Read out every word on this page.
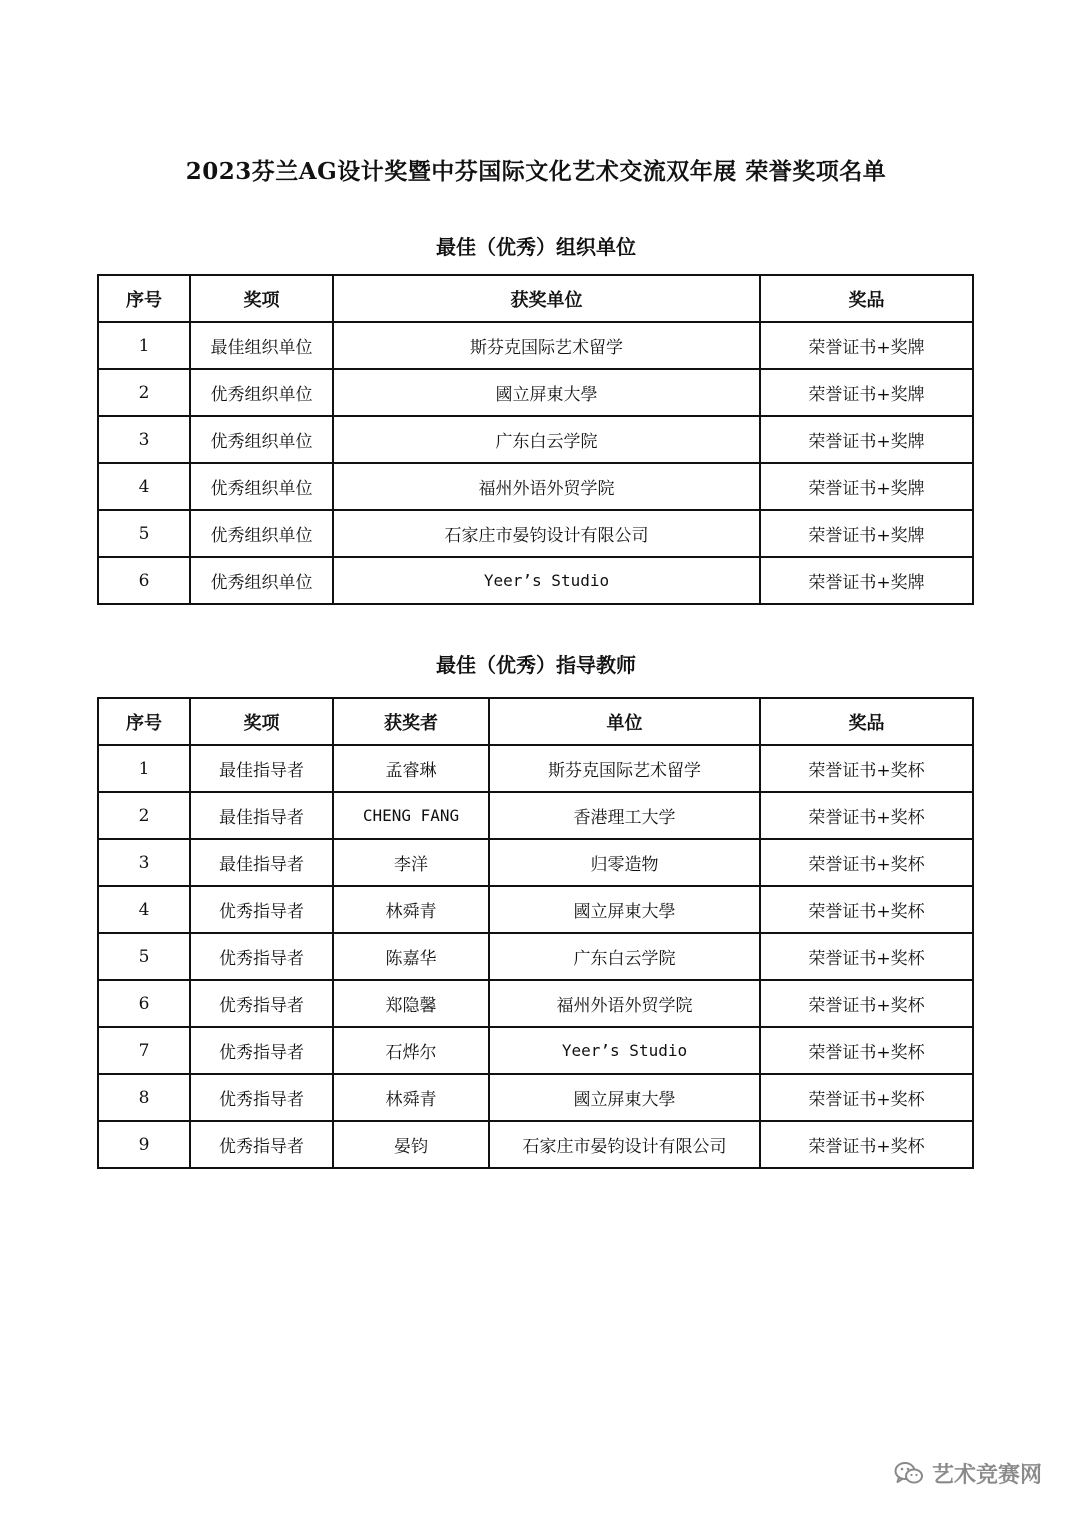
2023芬兰AG设计奖暨中芬国际文化艺术交流双年展 荣誉奖项名单
最佳（优秀）组织单位
序号	奖项	获奖单位	奖品
1	最佳组织单位	斯芬克国际艺术留学	荣誉证书+奖牌
2	优秀组织单位	國立屏東大學	荣誉证书+奖牌
3	优秀组织单位	广东白云学院	荣誉证书+奖牌
4	优秀组织单位	福州外语外贸学院	荣誉证书+奖牌
5	优秀组织单位	石家庄市晏钧设计有限公司	荣誉证书+奖牌
6	优秀组织单位	Yeer’s Studio	荣誉证书+奖牌
最佳（优秀）指导教师
序号	奖项	获奖者	单位	奖品
1	最佳指导者	孟睿琳	斯芬克国际艺术留学	荣誉证书+奖杯
2	最佳指导者	CHENG FANG	香港理工大学	荣誉证书+奖杯
3	最佳指导者	李洋	归零造物	荣誉证书+奖杯
4	优秀指导者	林舜青	國立屏東大學	荣誉证书+奖杯
5	优秀指导者	陈嘉华	广东白云学院	荣誉证书+奖杯
6	优秀指导者	郑隐馨	福州外语外贸学院	荣誉证书+奖杯
7	优秀指导者	石烨尔	Yeer’s Studio	荣誉证书+奖杯
8	优秀指导者	林舜青	國立屏東大學	荣誉证书+奖杯
9	优秀指导者	晏钧	石家庄市晏钧设计有限公司	荣誉证书+奖杯
艺术竞赛网
